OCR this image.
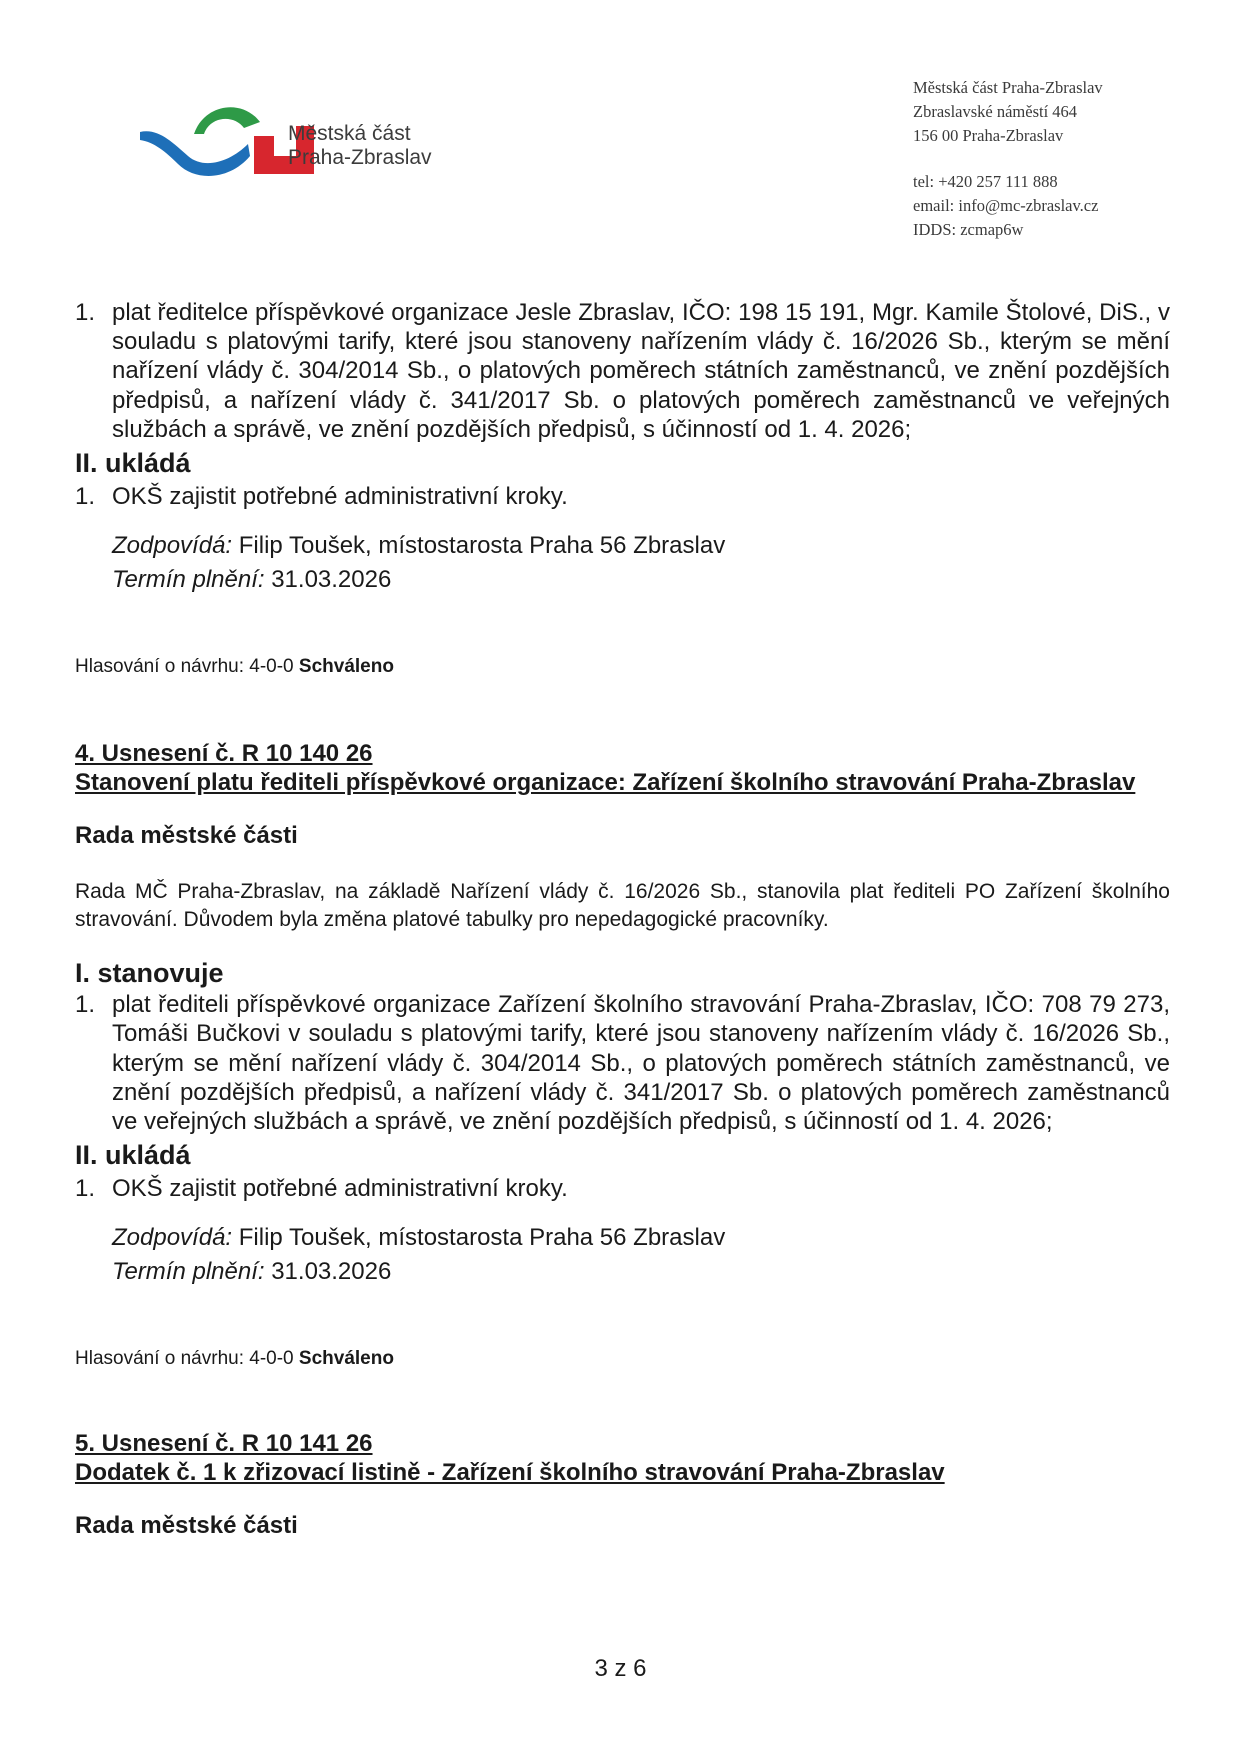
Městská část
Praha-Zbraslav
Městská část Praha-Zbraslav
Zbraslavské náměstí 464
156 00 Praha-Zbraslav
tel: +420 257 111 888
email: info@mc-zbraslav.cz
IDDS: zcmap6w
1. plat ředitelce příspěvkové organizace Jesle Zbraslav, IČO: 198 15 191, Mgr. Kamile Štolové, DiS., v souladu s platovými tarify, které jsou stanoveny nařízením vlády č. 16/2026 Sb., kterým se mění nařízení vlády č. 304/2014 Sb., o platových poměrech státních zaměstnanců, ve znění pozdějších předpisů, a nařízení vlády č. 341/2017 Sb. o platových poměrech zaměstnanců ve veřejných službách a správě, ve znění pozdějších předpisů, s účinností od 1. 4. 2026;
II. ukládá
1. OKŠ zajistit potřebné administrativní kroky.
Zodpovídá: Filip Toušek, místostarosta Praha 56 Zbraslav
Termín plnění: 31.03.2026
Hlasování o návrhu: 4-0-0 Schváleno
4. Usnesení č. R 10 140 26
Stanovení platu řediteli příspěvkové organizace: Zařízení školního stravování Praha-Zbraslav
Rada městské části
Rada MČ Praha-Zbraslav, na základě Nařízení vlády č. 16/2026 Sb., stanovila plat řediteli PO Zařízení školního stravování. Důvodem byla změna platové tabulky pro nepedagogické pracovníky.
I. stanovuje
1. plat řediteli příspěvkové organizace Zařízení školního stravování Praha-Zbraslav, IČO: 708 79 273, Tomáši Bučkovi v souladu s platovými tarify, které jsou stanoveny nařízením vlády č. 16/2026 Sb., kterým se mění nařízení vlády č. 304/2014 Sb., o platových poměrech státních zaměstnanců, ve znění pozdějších předpisů, a nařízení vlády č. 341/2017 Sb. o platových poměrech zaměstnanců ve veřejných službách a správě, ve znění pozdějších předpisů, s účinností od 1. 4. 2026;
II. ukládá
1. OKŠ zajistit potřebné administrativní kroky.
Zodpovídá: Filip Toušek, místostarosta Praha 56 Zbraslav
Termín plnění: 31.03.2026
Hlasování o návrhu: 4-0-0 Schváleno
5. Usnesení č. R 10 141 26
Dodatek č. 1 k zřizovací listině - Zařízení školního stravování Praha-Zbraslav
Rada městské části
3 z 6
